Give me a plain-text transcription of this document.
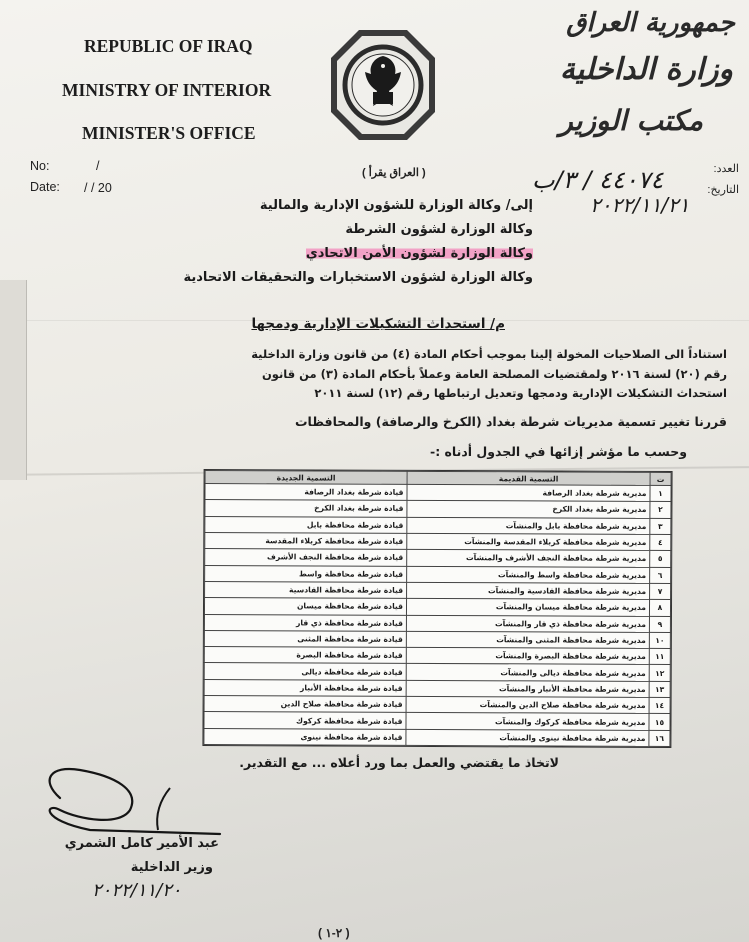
REPUBLIC OF IRAQ
MINISTRY OF INTERIOR
MINISTER'S OFFICE
جمهورية العراق
وزارة الداخلية
مكتب الوزير
No:	/
Date: / / 20
العدد:
٤٤٠٧٤ / ٣/ب	التاريخ:
٢٠٢٢/١١/٢١
( العراق يقرأ )
إلى/ وكالة الوزارة للشؤون الإدارية والمالية
وكالة الوزارة لشؤون الشرطة
وكالة الوزارة لشؤون الأمن الاتحادي
وكالة الوزارة لشؤون الاستخبارات والتحقيقات الاتحادية
م/ استحداث التشكيلات الإدارية ودمجها
استناداً الى الصلاحيات المخولة إلينا بموجب أحكام المادة (٤) من قانون وزارة الداخلية
رقم (٢٠) لسنة ٢٠١٦ ولمقتضيات المصلحة العامة وعملاً بأحكام المادة (٣) من قانون
استحداث التشكيلات الإدارية ودمجها وتعديل ارتباطها رقم (١٢) لسنة ٢٠١١
قررنا تغيير تسمية مديريات شرطة بغداد (الكرخ والرصافة) والمحافظات
وحسب ما مؤشر إزائها في الجدول أدناه :-
ت	التسمية القديمة	التسمية الجديدة
١	مديرية شرطة بغداد الرصافة	قيادة شرطة بغداد الرصافة
٢	مديرية شرطة بغداد الكرخ	قيادة شرطة بغداد الكرخ
٣	مديرية شرطة محافظة بابل والمنشآت	قيادة شرطة محافظة بابل
٤	مديرية شرطة محافظة كربلاء المقدسة والمنشآت	قيادة شرطة محافظة كربلاء المقدسة
٥	مديرية شرطة محافظة النجف الأشرف والمنشآت	قيادة شرطة محافظة النجف الأشرف
٦	مديرية شرطة محافظة واسط والمنشآت	قيادة شرطة محافظة واسط
٧	مديرية شرطة محافظة القادسية والمنشآت	قيادة شرطة محافظة القادسية
٨	مديرية شرطة محافظة ميسان والمنشآت	قيادة شرطة محافظة ميسان
٩	مديرية شرطة محافظة ذي قار والمنشآت	قيادة شرطة محافظة ذي قار
١٠	مديرية شرطة محافظة المثنى والمنشآت	قيادة شرطة محافظة المثنى
١١	مديرية شرطة محافظة البصرة والمنشآت	قيادة شرطة محافظة البصرة
١٢	مديرية شرطة محافظة ديالى والمنشآت	قيادة شرطة محافظة ديالى
١٣	مديرية شرطة محافظة الأنبار والمنشآت	قيادة شرطة محافظة الأنبار
١٤	مديرية شرطة محافظة صلاح الدين والمنشآت	قيادة شرطة محافظة صلاح الدين
١٥	مديرية شرطة محافظة كركوك والمنشآت	قيادة شرطة محافظة كركوك
١٦	مديرية شرطة محافظة نينوى والمنشآت	قيادة شرطة محافظة نينوى
لاتخاذ ما يقتضي والعمل بما ورد أعلاه ... مع التقدير.
عبد الأمير كامل الشمري
وزير الداخلية
٢٠٢٢/١١/٢٠
( ٢-١ )
